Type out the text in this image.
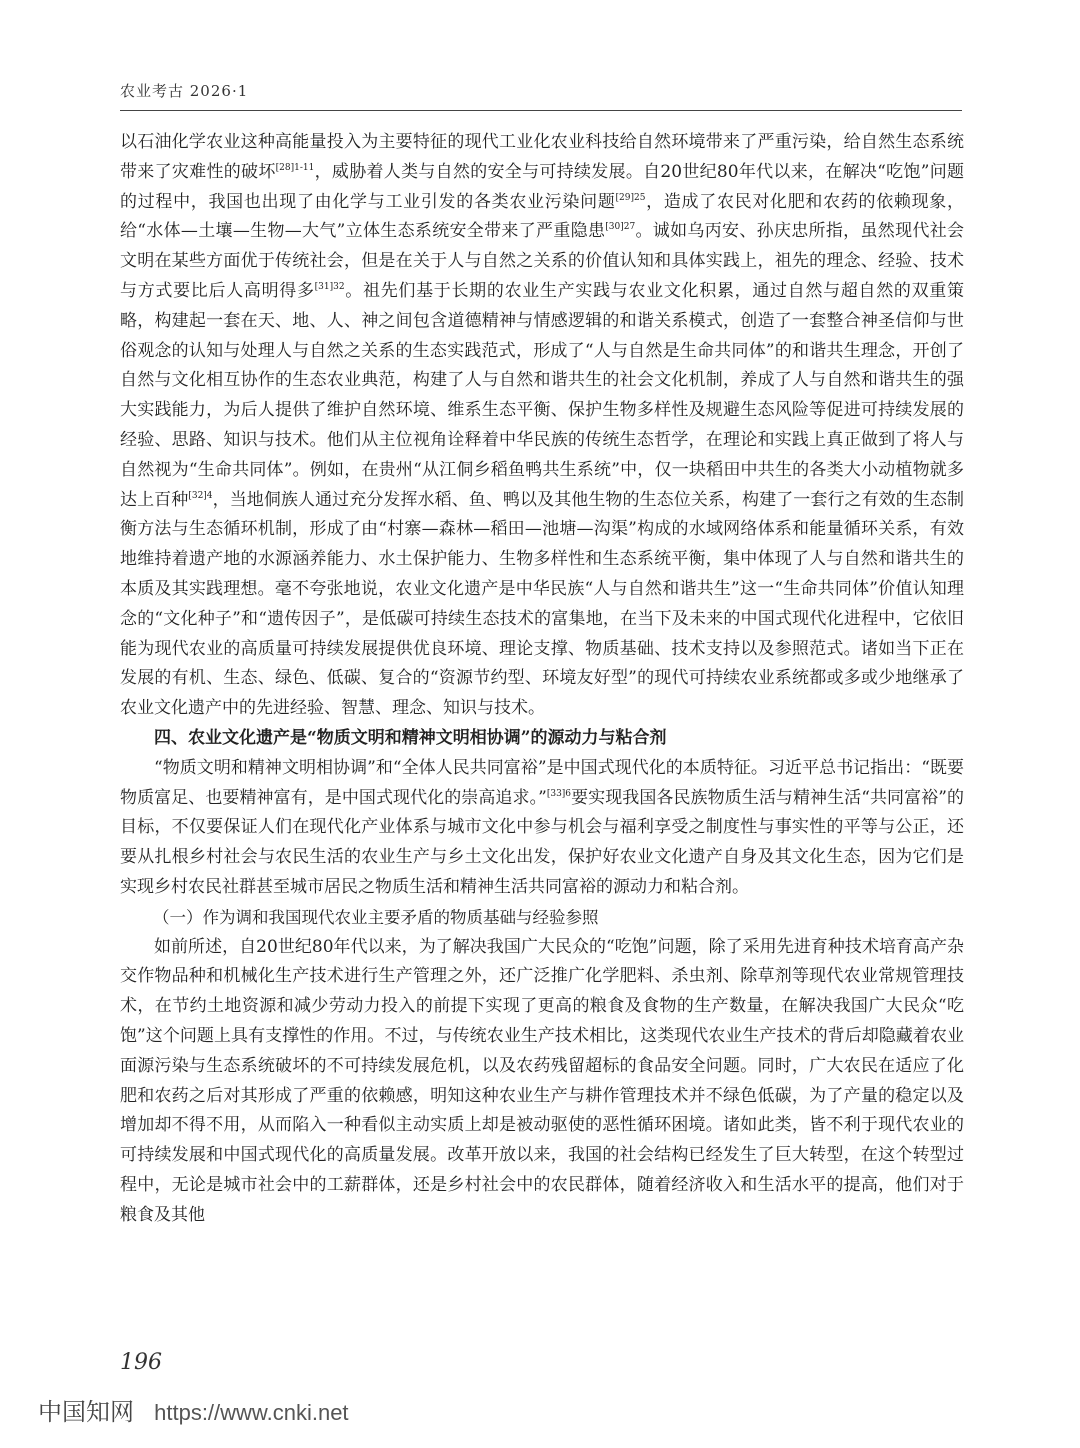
农业考古 2026·1

以石油化学农业这种高能量投入为主要特征的现代工业化农业科技给自然环境带来了严重污染，给自然生态系统带来了灾难性的破坏$^{[28]1-11}$，威胁着人类与自然的安全与可持续发展。自20世纪80年代以来，在解决“吃饱”问题的过程中，我国也出现了由化学与工业引发的各类农业污染问题$^{[29]25}$，造成了农民对化肥和农药的依赖现象，给“水体—土壤—生物—大气”立体生态系统安全带来了严重隐患$^{[30]27}$。诚如乌丙安、孙庆忠所指，虽然现代社会文明在某些方面优于传统社会，但是在关于人与自然之关系的价值认知和具体实践上，祖先的理念、经验、技术与方式要比后人高明得多$^{[31]32}$。祖先们基于长期的农业生产实践与农业文化积累，通过自然与超自然的双重策略，构建起一套在天、地、人、神之间包含道德精神与情感逻辑的和谐关系模式，创造了一套整合神圣信仰与世俗观念的认知与处理人与自然之关系的生态实践范式，形成了“人与自然是生命共同体”的和谐共生理念，开创了自然与文化相互协作的生态农业典范，构建了人与自然和谐共生的社会文化机制，养成了人与自然和谐共生的强大实践能力，为后人提供了维护自然环境、维系生态平衡、保护生物多样性及规避生态风险等促进可持续发展的经验、思路、知识与技术。他们从主位视角诠释着中华民族的传统生态哲学，在理论和实践上真正做到了将人与自然视为“生命共同体”。例如，在贵州“从江侗乡稻鱼鸭共生系统”中，仅一块稻田中共生的各类大小动植物就多达上百种$^{[32]4}$，当地侗族人通过充分发挥水稻、鱼、鸭以及其他生物的生态位关系，构建了一套行之有效的生态制衡方法与生态循环机制，形成了由“村寨—森林—稻田—池塘—沟渠”构成的水域网络体系和能量循环关系，有效地维持着遗产地的水源涵养能力、水土保护能力、生物多样性和生态系统平衡，集中体现了人与自然和谐共生的本质及其实践理想。毫不夸张地说，农业文化遗产是中华民族“人与自然和谐共生”这一“生命共同体”价值认知理念的“文化种子”和“遗传因子”，是低碳可持续生态技术的富集地，在当下及未来的中国式现代化进程中，它依旧能为现代农业的高质量可持续发展提供优良环境、理论支撑、物质基础、技术支持以及参照范式。诸如当下正在发展的有机、生态、绿色、低碳、复合的“资源节约型、环境友好型”的现代可持续农业系统都或多或少地继承了农业文化遗产中的先进经验、智慧、理念、知识与技术。

四、农业文化遗产是“物质文明和精神文明相协调”的源动力与粘合剂

“物质文明和精神文明相协调”和“全体人民共同富裕”是中国式现代化的本质特征。习近平总书记指出：“既要物质富足、也要精神富有，是中国式现代化的崇高追求。”$^{[33]6}$要实现我国各民族物质生活与精神生活“共同富裕”的目标，不仅要保证人们在现代化产业体系与城市文化中参与机会与福利享受之制度性与事实性的平等与公正，还要从扎根乡村社会与农民生活的农业生产与乡土文化出发，保护好农业文化遗产自身及其文化生态，因为它们是实现乡村农民社群甚至城市居民之物质生活和精神生活共同富裕的源动力和粘合剂。

（一）作为调和我国现代农业主要矛盾的物质基础与经验参照

如前所述，自20世纪80年代以来，为了解决我国广大民众的“吃饱”问题，除了采用先进育种技术培育高产杂交作物品种和机械化生产技术进行生产管理之外，还广泛推广化学肥料、杀虫剂、除草剂等现代农业常规管理技术，在节约土地资源和减少劳动力投入的前提下实现了更高的粮食及食物的生产数量，在解决我国广大民众“吃饱”这个问题上具有支撑性的作用。不过，与传统农业生产技术相比，这类现代农业生产技术的背后却隐藏着农业面源污染与生态系统破坏的不可持续发展危机，以及农药残留超标的食品安全问题。同时，广大农民在适应了化肥和农药之后对其形成了严重的依赖感，明知这种农业生产与耕作管理技术并不绿色低碳，为了产量的稳定以及增加却不得不用，从而陷入一种看似主动实质上却是被动驱使的恶性循环困境。诸如此类，皆不利于现代农业的可持续发展和中国式现代化的高质量发展。改革开放以来，我国的社会结构已经发生了巨大转型，在这个转型过程中，无论是城市社会中的工薪群体，还是乡村社会中的农民群体，随着经济收入和生活水平的提高，他们对于粮食及其他

196
中国知网 https://www.cnki.net
